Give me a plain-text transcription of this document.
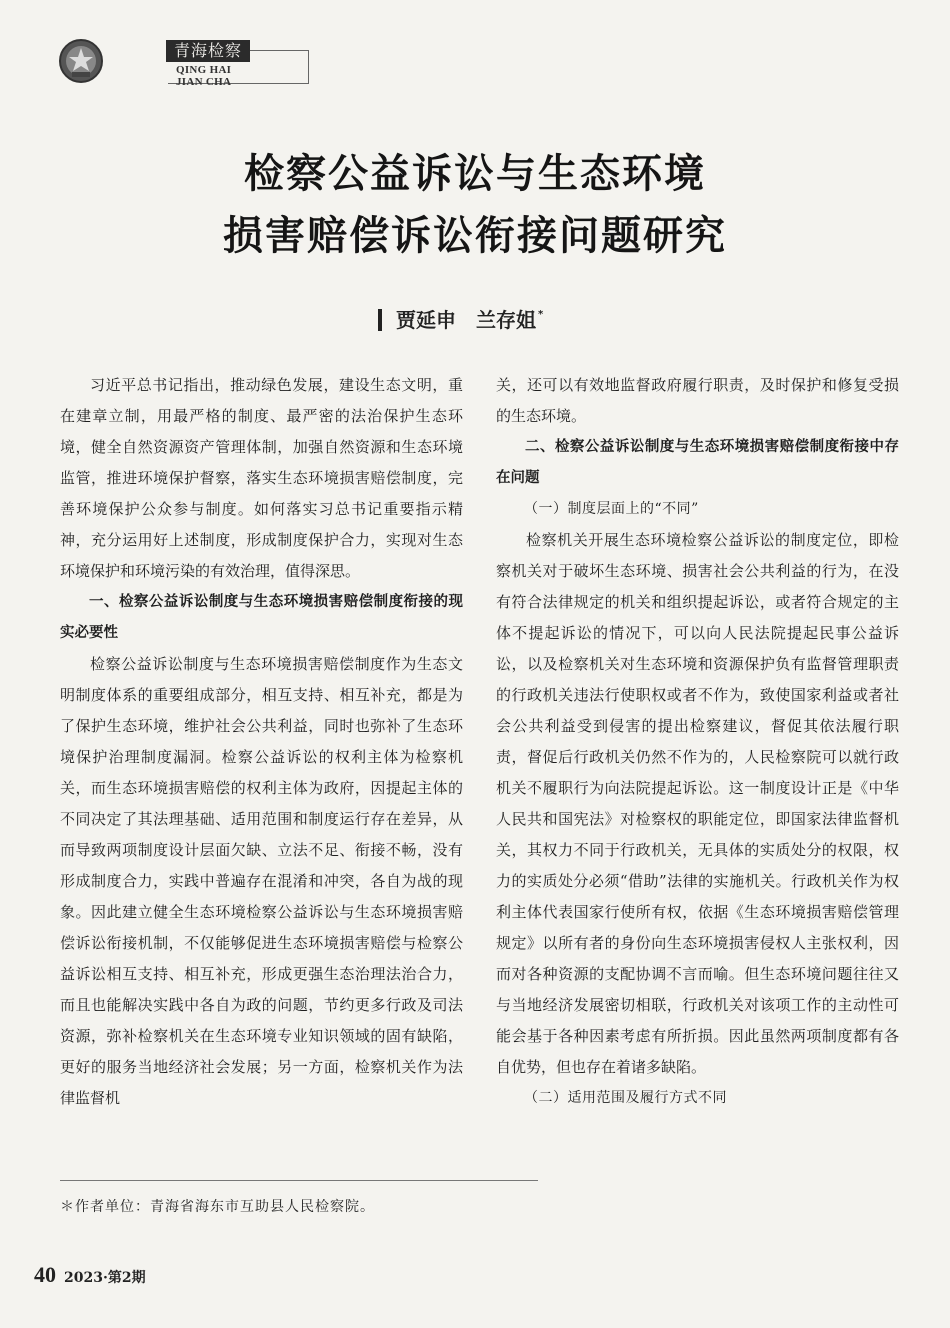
青海检察
QING HAI JIAN CHA
检察公益诉讼与生态环境
损害赔偿诉讼衔接问题研究
贾延申　兰存姐 *

习近平总书记指出，推动绿色发展，建设生态文明，重在建章立制，用最严格的制度、最严密的法治保护生态环境，健全自然资源资产管理体制，加强自然资源和生态环境监管，推进环境保护督察，落实生态环境损害赔偿制度，完善环境保护公众参与制度。如何落实习总书记重要指示精神，充分运用好上述制度，形成制度保护合力，实现对生态环境保护和环境污染的有效治理，值得深思。

一、检察公益诉讼制度与生态环境损害赔偿制度衔接的现实必要性

检察公益诉讼制度与生态环境损害赔偿制度作为生态文明制度体系的重要组成部分，相互支持、相互补充，都是为了保护生态环境，维护社会公共利益，同时也弥补了生态环境保护治理制度漏洞。检察公益诉讼的权利主体为检察机关，而生态环境损害赔偿的权利主体为政府，因提起主体的不同决定了其法理基础、适用范围和制度运行存在差异，从而导致两项制度设计层面欠缺、立法不足、衔接不畅，没有形成制度合力，实践中普遍存在混淆和冲突，各自为战的现象。因此建立健全生态环境检察公益诉讼与生态环境损害赔偿诉讼衔接机制，不仅能够促进生态环境损害赔偿与检察公益诉讼相互支持、相互补充，形成更强生态治理法治合力，而且也能解决实践中各自为政的问题，节约更多行政及司法资源，弥补检察机关在生态环境专业知识领域的固有缺陷，更好的服务当地经济社会发展；另一方面，检察机关作为法律监督机

关，还可以有效地监督政府履行职责，及时保护和修复受损的生态环境。

二、检察公益诉讼制度与生态环境损害赔偿制度衔接中存在问题
（一）制度层面上的“不同”

检察机关开展生态环境检察公益诉讼的制度定位，即检察机关对于破坏生态环境、损害社会公共利益的行为，在没有符合法律规定的机关和组织提起诉讼，或者符合规定的主体不提起诉讼的情况下，可以向人民法院提起民事公益诉讼，以及检察机关对生态环境和资源保护负有监督管理职责的行政机关违法行使职权或者不作为，致使国家利益或者社会公共利益受到侵害的提出检察建议，督促其依法履行职责，督促后行政机关仍然不作为的，人民检察院可以就行政机关不履职行为向法院提起诉讼。这一制度设计正是《中华人民共和国宪法》对检察权的职能定位，即国家法律监督机关，其权力不同于行政机关，无具体的实质处分的权限，权力的实质处分必须“借助”法律的实施机关。行政机关作为权利主体代表国家行使所有权，依据《生态环境损害赔偿管理规定》以所有者的身份向生态环境损害侵权人主张权利，因而对各种资源的支配协调不言而喻。但生态环境问题往往又与当地经济发展密切相联，行政机关对该项工作的主动性可能会基于各种因素考虑有所折损。因此虽然两项制度都有各自优势，但也存在着诸多缺陷。

（二）适用范围及履行方式不同
＊作者单位：青海省海东市互助县人民检察院。
40 2023·第2期
